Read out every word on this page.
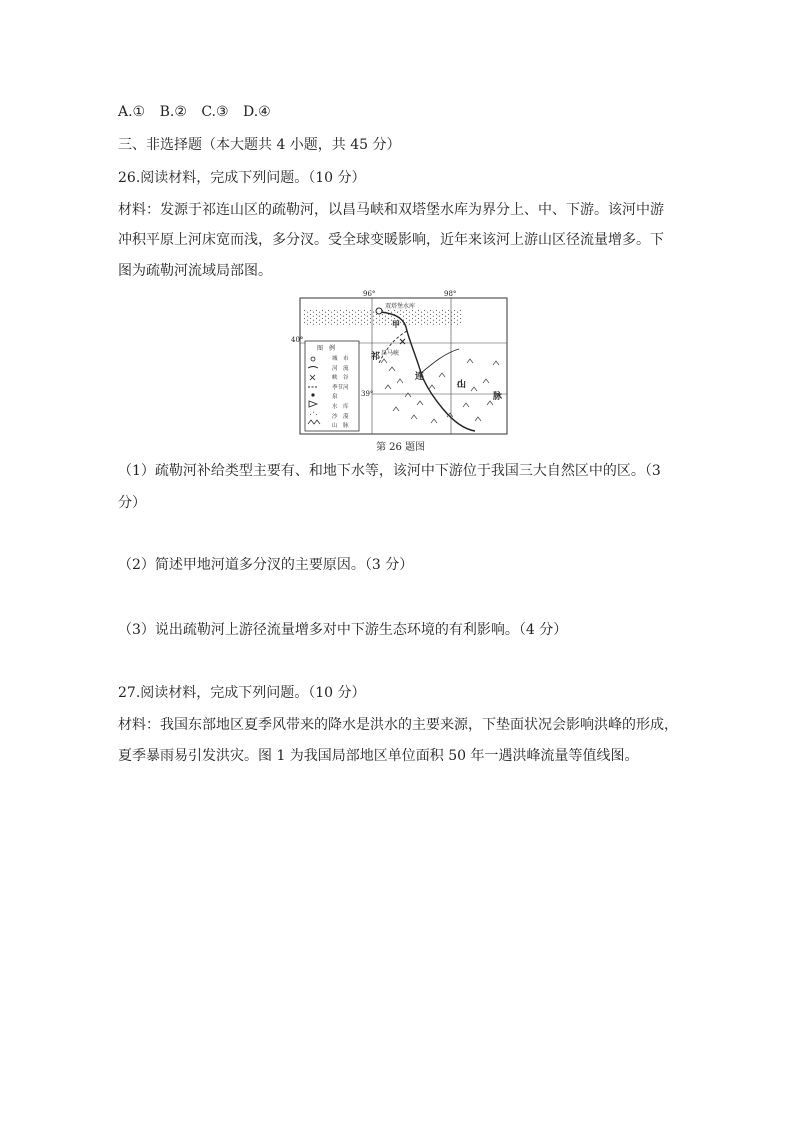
A.① B.② C.③ D.④
三、非选择题（本大题共 4 小题，共 45 分）
26.阅读材料，完成下列问题。（10 分）
材料：发源于祁连山区的疏勒河，以昌马峡和双塔堡水库为界分上、中、下游。该河中游
冲积平原上河床宽而浅，多分汊。受全球变暖影响，近年来该河上游山区径流量增多。下
图为疏勒河流域局部图。
96°	98°
40°
39°
双塔堡水库
甲
昌马峡
祁
连
山
脉
图　例
城　市
河　流
峡　谷
季节河
泉
水　库
沙　漠
山　脉
第 26 题图
（1）疏勒河补给类型主要有、和地下水等，该河中下游位于我国三大自然区中的区。（3
分）
（2）简述甲地河道多分汊的主要原因。（3 分）
（3）说出疏勒河上游径流量增多对中下游生态环境的有利影响。（4 分）
27.阅读材料，完成下列问题。（10 分）
材料：我国东部地区夏季风带来的降水是洪水的主要来源，下垫面状况会影响洪峰的形成，
夏季暴雨易引发洪灾。图 1 为我国局部地区单位面积 50 年一遇洪峰流量等值线图。
